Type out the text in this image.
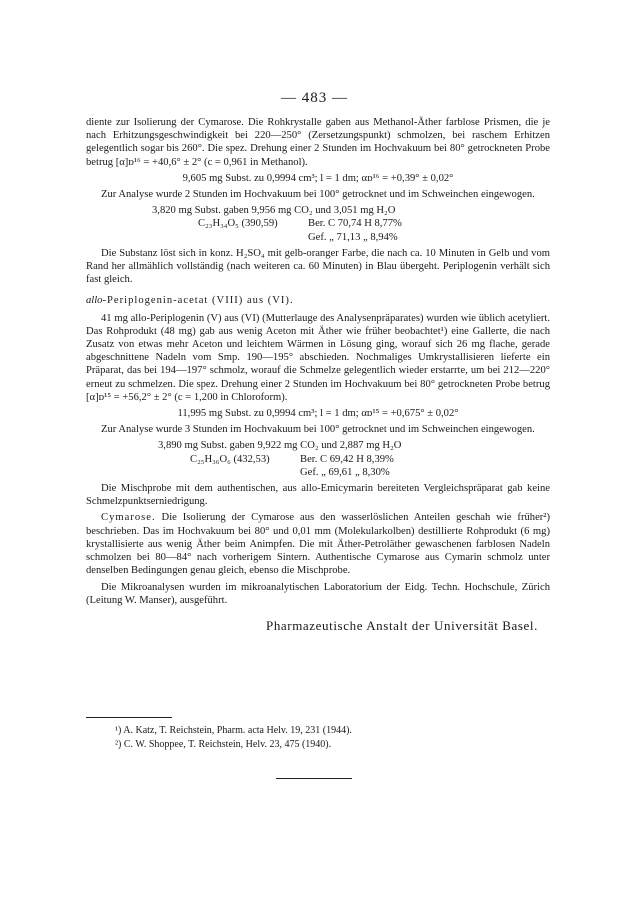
— 483 —

diente zur Isolierung der Cymarose. Die Rohkrystalle gaben aus Methanol-Äther farblose Prismen, die je nach Erhitzungsgeschwindigkeit bei 220—250° (Zersetzungspunkt) schmolzen, bei raschem Erhitzen gelegentlich sogar bis 260°. Die spez. Drehung einer 2 Stunden im Hochvakuum bei 80° getrockneten Probe betrug [α]ᴅ¹⁶ = +40,6° ± 2° (c = 0,961 in Methanol).

9,605 mg Subst. zu 0,9994 cm³; l = 1 dm; αᴅ¹⁶ = +0,39° ± 0,02°

Zur Analyse wurde 2 Stunden im Hochvakuum bei 100° getrocknet und im Schweinchen eingewogen.

3,820 mg Subst. gaben 9,956 mg CO₂ und 3,051 mg H₂O
C₂₃H₃₄O₅ (390,59)	Ber. C 70,74 H 8,77%
Gef. „ 71,13 „ 8,94%

Die Substanz löst sich in konz. H₂SO₄ mit gelb-oranger Farbe, die nach ca. 10 Minuten in Gelb und vom Rand her allmählich vollständig (nach weiteren ca. 60 Minuten) in Blau übergeht. Periplogenin verhält sich fast gleich.

allo-Periplogenin-acetat (VIII) aus (VI).

41 mg allo-Periplogenin (V) aus (VI) (Mutterlauge des Analysenpräparates) wurden wie üblich acetyliert. Das Rohprodukt (48 mg) gab aus wenig Aceton mit Äther wie früher beobachtet¹) eine Gallerte, die nach Zusatz von etwas mehr Aceton und leichtem Wärmen in Lösung ging, worauf sich 26 mg flache, gerade abgeschnittene Nadeln vom Smp. 190—195° abschieden. Nochmaliges Umkrystallisieren lieferte ein Präparat, das bei 194—197° schmolz, worauf die Schmelze gelegentlich wieder erstarrte, um bei 212—220° erneut zu schmelzen. Die spez. Drehung einer 2 Stunden im Hochvakuum bei 80° getrockneten Probe betrug [α]ᴅ¹⁵ = +56,2° ± 2° (c = 1,200 in Chloroform).

11,995 mg Subst. zu 0,9994 cm³; l = 1 dm; αᴅ¹⁵ = +0,675° ± 0,02°

Zur Analyse wurde 3 Stunden im Hochvakuum bei 100° getrocknet und im Schweinchen eingewogen.

3,890 mg Subst. gaben 9,922 mg CO₂ und 2,887 mg H₂O
C₂₅H₃₆O₆ (432,53)	Ber. C 69,42 H 8,39%
Gef. „ 69,61 „ 8,30%

Die Mischprobe mit dem authentischen, aus allo-Emicymarin bereiteten Vergleichspräparat gab keine Schmelzpunktserniedrigung.

Cymarose. Die Isolierung der Cymarose aus den wasserlöslichen Anteilen geschah wie früher²) beschrieben. Das im Hochvakuum bei 80° und 0,01 mm (Molekularkolben) destillierte Rohprodukt (6 mg) krystallisierte aus wenig Äther beim Animpfen. Die mit Äther-Petroläther gewaschenen farblosen Nadeln schmolzen bei 80—84° nach vorherigem Sintern. Authentische Cymarose aus Cymarin schmolz unter denselben Bedingungen genau gleich, ebenso die Mischprobe.

Die Mikroanalysen wurden im mikroanalytischen Laboratorium der Eidg. Techn. Hochschule, Zürich (Leitung W. Manser), ausgeführt.

Pharmazeutische Anstalt der Universität Basel.

¹) A. Katz, T. Reichstein, Pharm. acta Helv. 19, 231 (1944).
²) C. W. Shoppee, T. Reichstein, Helv. 23, 475 (1940).
